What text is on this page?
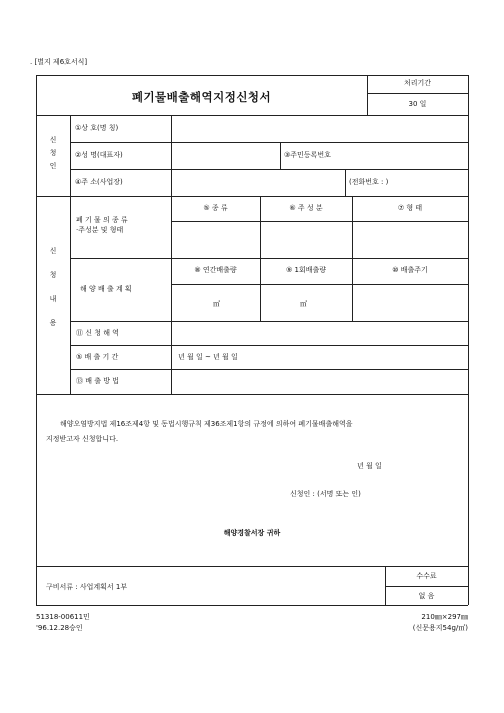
. [별지 제6호서식]
폐기물배출해역지정신청서
처리기간
30 일
신
청
인
①상 호(명 칭)
②성 명(대표자)	③주민등록번호
④주 소(사업장)	(전화번호 : )
신
청
내
용
폐 기 물 의 종 류
·주성분 및 형태
⑤ 종 류	⑥ 주 성 분	⑦ 형 태
해 양 배 출 계 획
⑧ 연간배출량	⑨ 1회배출량	⑩ 배출주기
㎥	㎥
⑪ 신 청 해 역
⑤ 배 출 기 간	년 월 일 ~ 년 월 일
⑬ 배 출 방 법
해양오염방지법 제16조제4항 및 동법시행규칙 제36조제1항의 규정에 의하여 폐기물배출해역을
지정받고자 신청합니다.
년 월 일
신청인 : (서명 또는 인)
해양경찰서장 귀하
구비서류 : 사업계획서 1부
수수료
없 음
51318-00611민
'96.12.28승인
210㎜×297㎜
(신문용지54g/㎡)
